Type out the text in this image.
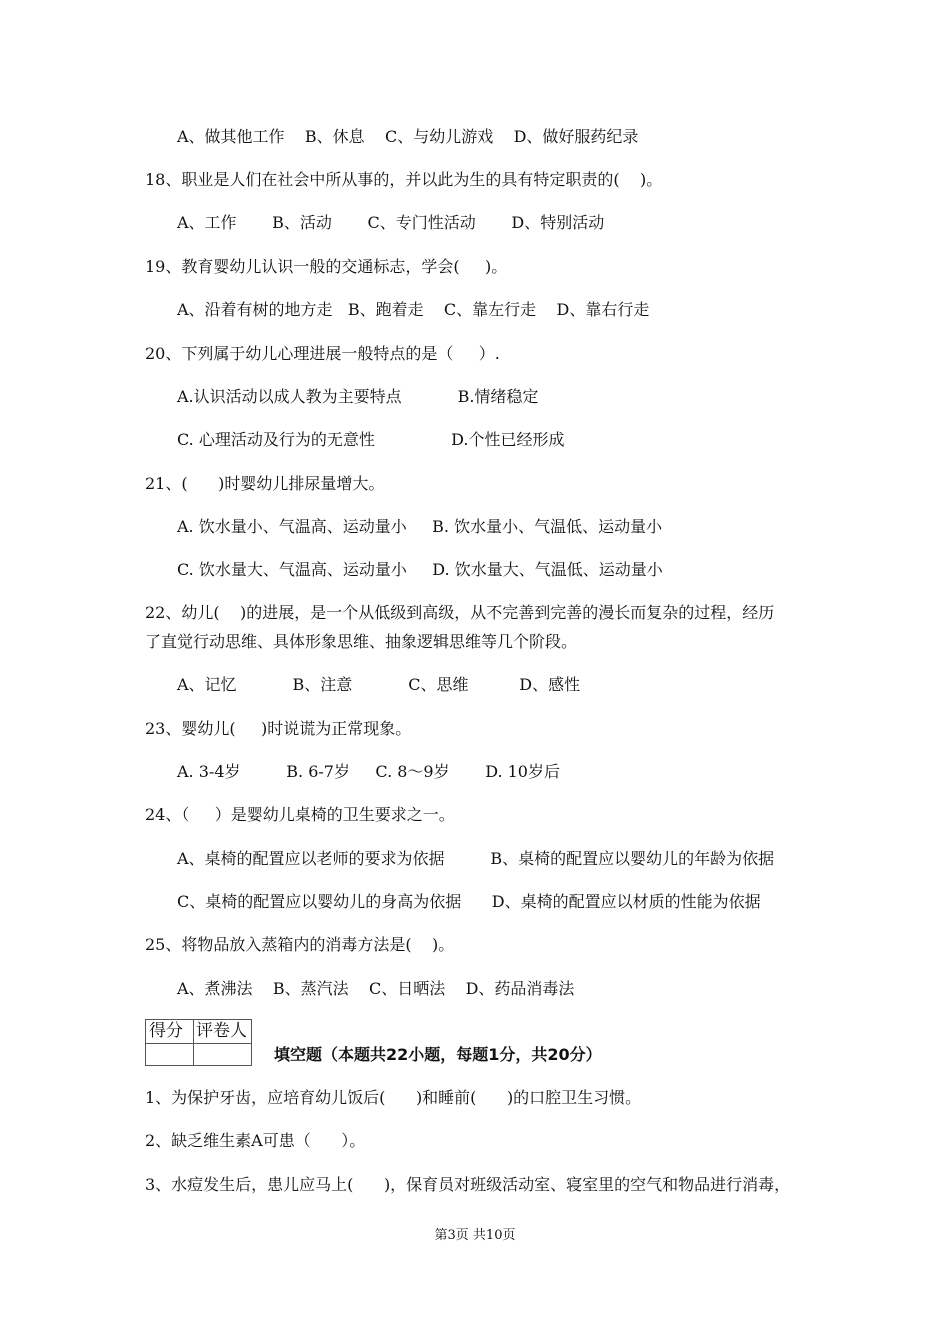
A、做其他工作    B、休息    C、与幼儿游戏    D、做好服药纪录
18、职业是人们在社会中所从事的，并以此为生的具有特定职责的(    )。
A、工作       B、活动       C、专门性活动       D、特别活动
19、教育婴幼儿认识一般的交通标志，学会(     )。
A、沿着有树的地方走   B、跑着走    C、靠左行走    D、靠右行走
20、下列属于幼儿心理进展一般特点的是（     ）.
A.认识活动以成人教为主要特点           B.情绪稳定
C. 心理活动及行为的无意性               D.个性已经形成
21、(      )时婴幼儿排尿量增大。
A. 饮水量小、气温高、运动量小     B. 饮水量小、气温低、运动量小
C. 饮水量大、气温高、运动量小     D. 饮水量大、气温低、运动量小
22、幼儿(    )的进展，是一个从低级到高级，从不完善到完善的漫长而复杂的过程，经历
了直觉行动思维、具体形象思维、抽象逻辑思维等几个阶段。
A、记忆           B、注意           C、思维          D、感性
23、婴幼儿(     )时说谎为正常现象。
A. 3-4岁         B. 6-7岁     C. 8～9岁       D. 10岁后
24、（     ）是婴幼儿桌椅的卫生要求之一。
A、桌椅的配置应以老师的要求为依据         B、桌椅的配置应以婴幼儿的年龄为依据
C、桌椅的配置应以婴幼儿的身高为依据      D、桌椅的配置应以材质的性能为依据
25、将物品放入蒸箱内的消毒方法是(    )。
A、煮沸法    B、蒸汽法    C、日晒法    D、药品消毒法
得分 评卷人
填空题（本题共22小题，每题1分，共20分）
1、为保护牙齿，应培育幼儿饭后(      )和睡前(      )的口腔卫生习惯。
2、缺乏维生素A可患（      ）。
3、水痘发生后，患儿应马上(      )，保育员对班级活动室、寝室里的空气和物品进行消毒，
第3页 共10页
